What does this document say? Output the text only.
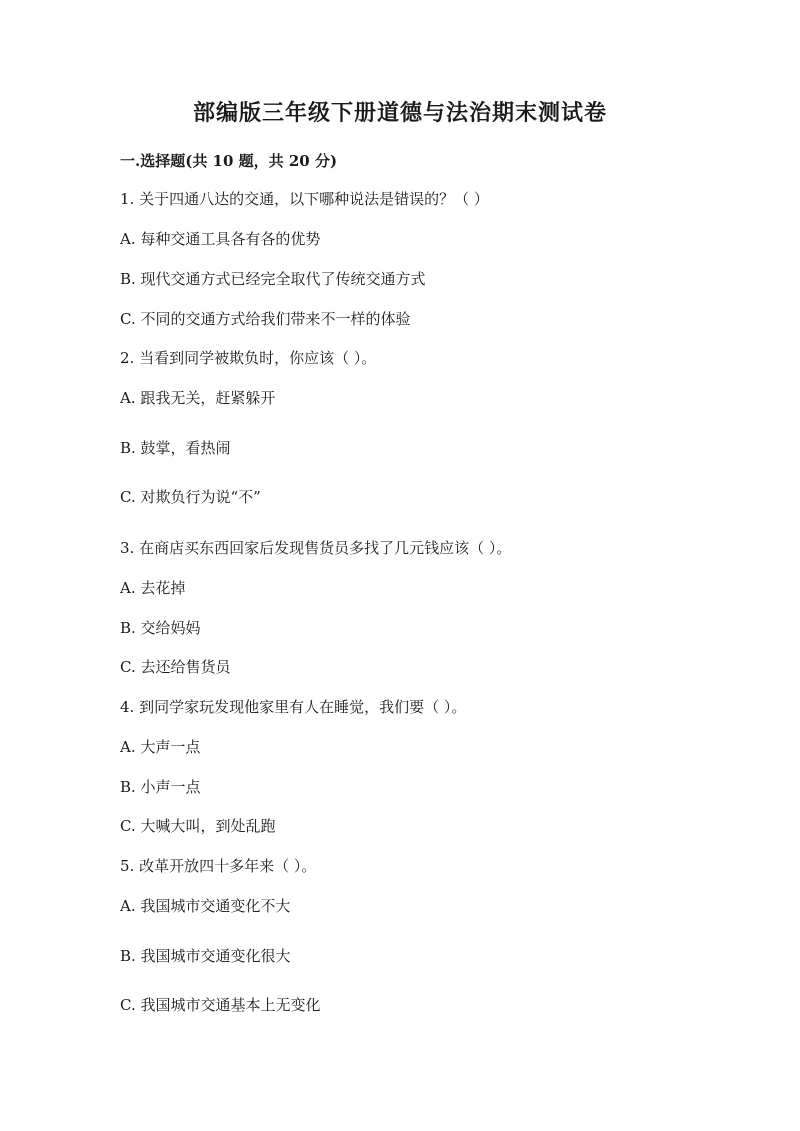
部编版三年级下册道德与法治期末测试卷
一.选择题(共 10 题，共 20 分)
1. 关于四通八达的交通，以下哪种说法是错误的？（ ）
A. 每种交通工具各有各的优势
B. 现代交通方式已经完全取代了传统交通方式
C. 不同的交通方式给我们带来不一样的体验
2. 当看到同学被欺负时，你应该（ ）。
A. 跟我无关，赶紧躲开
B. 鼓掌，看热闹
C. 对欺负行为说“不”
3. 在商店买东西回家后发现售货员多找了几元钱应该（ ）。
A. 去花掉
B. 交给妈妈
C. 去还给售货员
4. 到同学家玩发现他家里有人在睡觉，我们要（ ）。
A. 大声一点
B. 小声一点
C. 大喊大叫，到处乱跑
5. 改革开放四十多年来（ ）。
A. 我国城市交通变化不大
B. 我国城市交通变化很大
C. 我国城市交通基本上无变化
